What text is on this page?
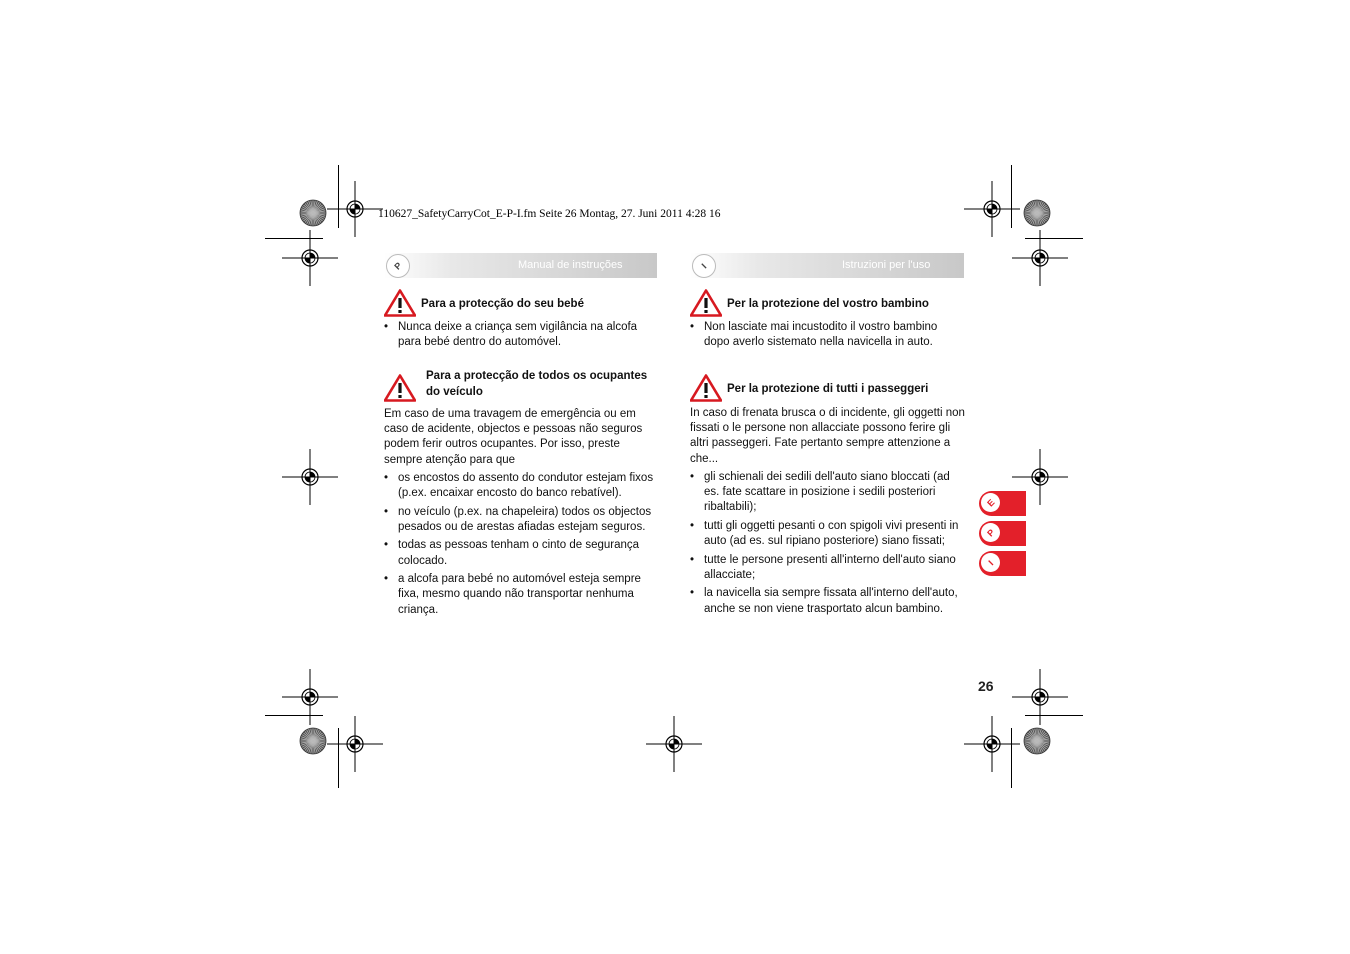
110627_SafetyCarryCot_E-P-I.fm Seite 26 Montag, 27. Juni 2011 4:28 16
P	Manual de instruções
Para a protecção do seu bebé
• Nunca deixe a criança sem vigilância na alcofa para bebé dentro do automóvel.
Para a protecção de todos os ocupantes do veículo
Em caso de uma travagem de emergência ou em caso de acidente, objectos e pessoas não seguros podem ferir outros ocupantes. Por isso, preste sempre atenção para que
• os encostos do assento do condutor estejam fixos (p.ex. encaixar encosto do banco rebatível).
• no veículo (p.ex. na chapeleira) todos os objectos pesados ou de arestas afiadas estejam seguros.
• todas as pessoas tenham o cinto de segurança colocado.
• a alcofa para bebé no automóvel esteja sempre fixa, mesmo quando não transportar nenhuma criança.
I	Istruzioni per l'uso
Per la protezione del vostro bambino
• Non lasciate mai incustodito il vostro bambino dopo averlo sistemato nella navicella in auto.
Per la protezione di tutti i passeggeri
In caso di frenata brusca o di incidente, gli oggetti non fissati o le persone non allacciate possono ferire gli altri passeggeri. Fate pertanto sempre attenzione a che...
• gli schienali dei sedili dell'auto siano bloccati (ad es. fate scattare in posizione i sedili posteriori ribaltabili);
• tutti gli oggetti pesanti o con spigoli vivi presenti in auto (ad es. sul ripiano posteriore) siano fissati;
• tutte le persone presenti all'interno dell'auto siano allacciate;
• la navicella sia sempre fissata all'interno dell'auto, anche se non viene trasportato alcun bambino.
E
P
I
26
